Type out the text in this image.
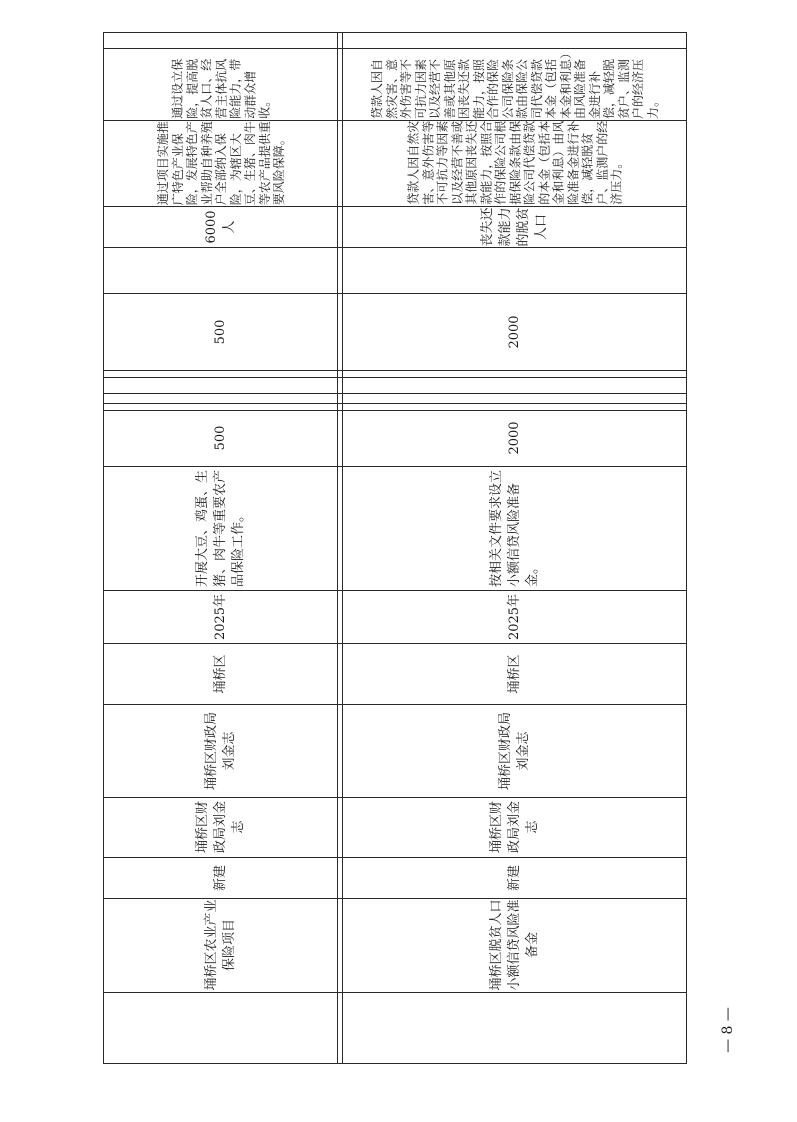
埇桥区农业产业保险项目
新建
埇桥区财政局刘金志
埇桥区财政局刘金志
埇桥区
2025年
开展大豆、鸡蛋、生猪、肉牛等重要农产品保险工作。
500
500
6000人
通过项目实施推广特色产业保险，发展特色产业帮助自种养殖户全部纳入保险，为辖区大豆、生猪、肉牛等农产品提供重要风险保障。
通过设立保险，提高脱贫人口、经营主体抗风险能力，带动群众增收。
埇桥区脱贫人口小额信贷风险准备金
新建
埇桥区财政局刘金志
埇桥区财政局刘金志
埇桥区
2025年
按相关文件要求设立小额信贷风险准备金。
2000
2000
丧失还款能力的脱贫人口
贷款人因自然灾害、意外伤害等不可抗力等因素以及经营不善或其他原因丧失还款能力，按照合作的保险公司根据保险条款由保险公司代偿贷款的本金（包括本金和利息）由风险准备金进行补偿，减轻脱贫户、监测户的经济压力。
贷款人因自然灾害、意外伤害等不可抗力因素以及经营不善或其他原因丧失还款能力，按照合作的保险公司保险条款由保险公司代偿贷款本金（包括本金和利息）由风险准备金进行补偿，减轻脱贫户、监测户的经济压力。
— 8 —
